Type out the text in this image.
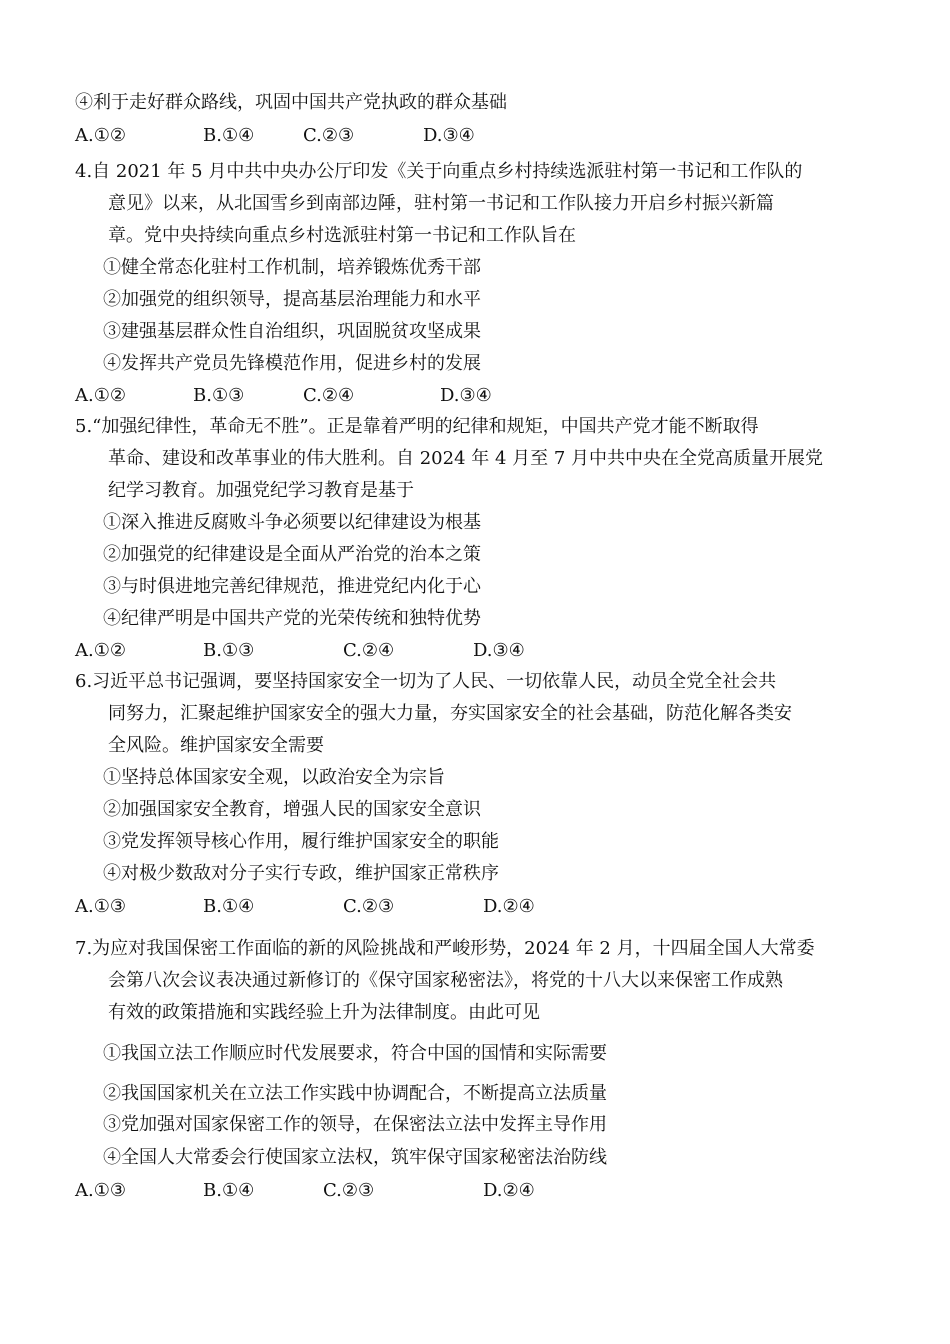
④利于走好群众路线，巩固中国共产党执政的群众基础
A.①②	B.①④	C.②③	D.③④
4.自 2021 年 5 月中共中央办公厅印发《关于向重点乡村持续选派驻村第一书记和工作队的
意见》以来，从北国雪乡到南部边陲，驻村第一书记和工作队接力开启乡村振兴新篇
章。党中央持续向重点乡村选派驻村第一书记和工作队旨在
①健全常态化驻村工作机制，培养锻炼优秀干部
②加强党的组织领导，提高基层治理能力和水平
③建强基层群众性自治组织，巩固脱贫攻坚成果
④发挥共产党员先锋模范作用，促进乡村的发展
A.①②	B.①③	C.②④	D.③④
5.“加强纪律性，革命无不胜”。正是靠着严明的纪律和规矩，中国共产党才能不断取得
革命、建设和改革事业的伟大胜利。自 2024 年 4 月至 7 月中共中央在全党高质量开展党
纪学习教育。加强党纪学习教育是基于
①深入推进反腐败斗争必须要以纪律建设为根基
②加强党的纪律建设是全面从严治党的治本之策
③与时俱进地完善纪律规范，推进党纪内化于心
④纪律严明是中国共产党的光荣传统和独特优势
A.①②	B.①③	C.②④	D.③④
6.习近平总书记强调，要坚持国家安全一切为了人民、一切依靠人民，动员全党全社会共
同努力，汇聚起维护国家安全的强大力量，夯实国家安全的社会基础，防范化解各类安
全风险。维护国家安全需要
①坚持总体国家安全观，以政治安全为宗旨
②加强国家安全教育，增强人民的国家安全意识
③党发挥领导核心作用，履行维护国家安全的职能
④对极少数敌对分子实行专政，维护国家正常秩序
A.①③	B.①④	C.②③	D.②④
7.为应对我国保密工作面临的新的风险挑战和严峻形势，2024 年 2 月，十四届全国人大常委
会第八次会议表决通过新修订的《保守国家秘密法》，将党的十八大以来保密工作成熟
有效的政策措施和实践经验上升为法律制度。由此可见
①我国立法工作顺应时代发展要求，符合中国的国情和实际需要
②我国国家机关在立法工作实践中协调配合，不断提高立法质量
③党加强对国家保密工作的领导，在保密法立法中发挥主导作用
④全国人大常委会行使国家立法权，筑牢保守国家秘密法治防线
A.①③	B.①④	C.②③	D.②④
